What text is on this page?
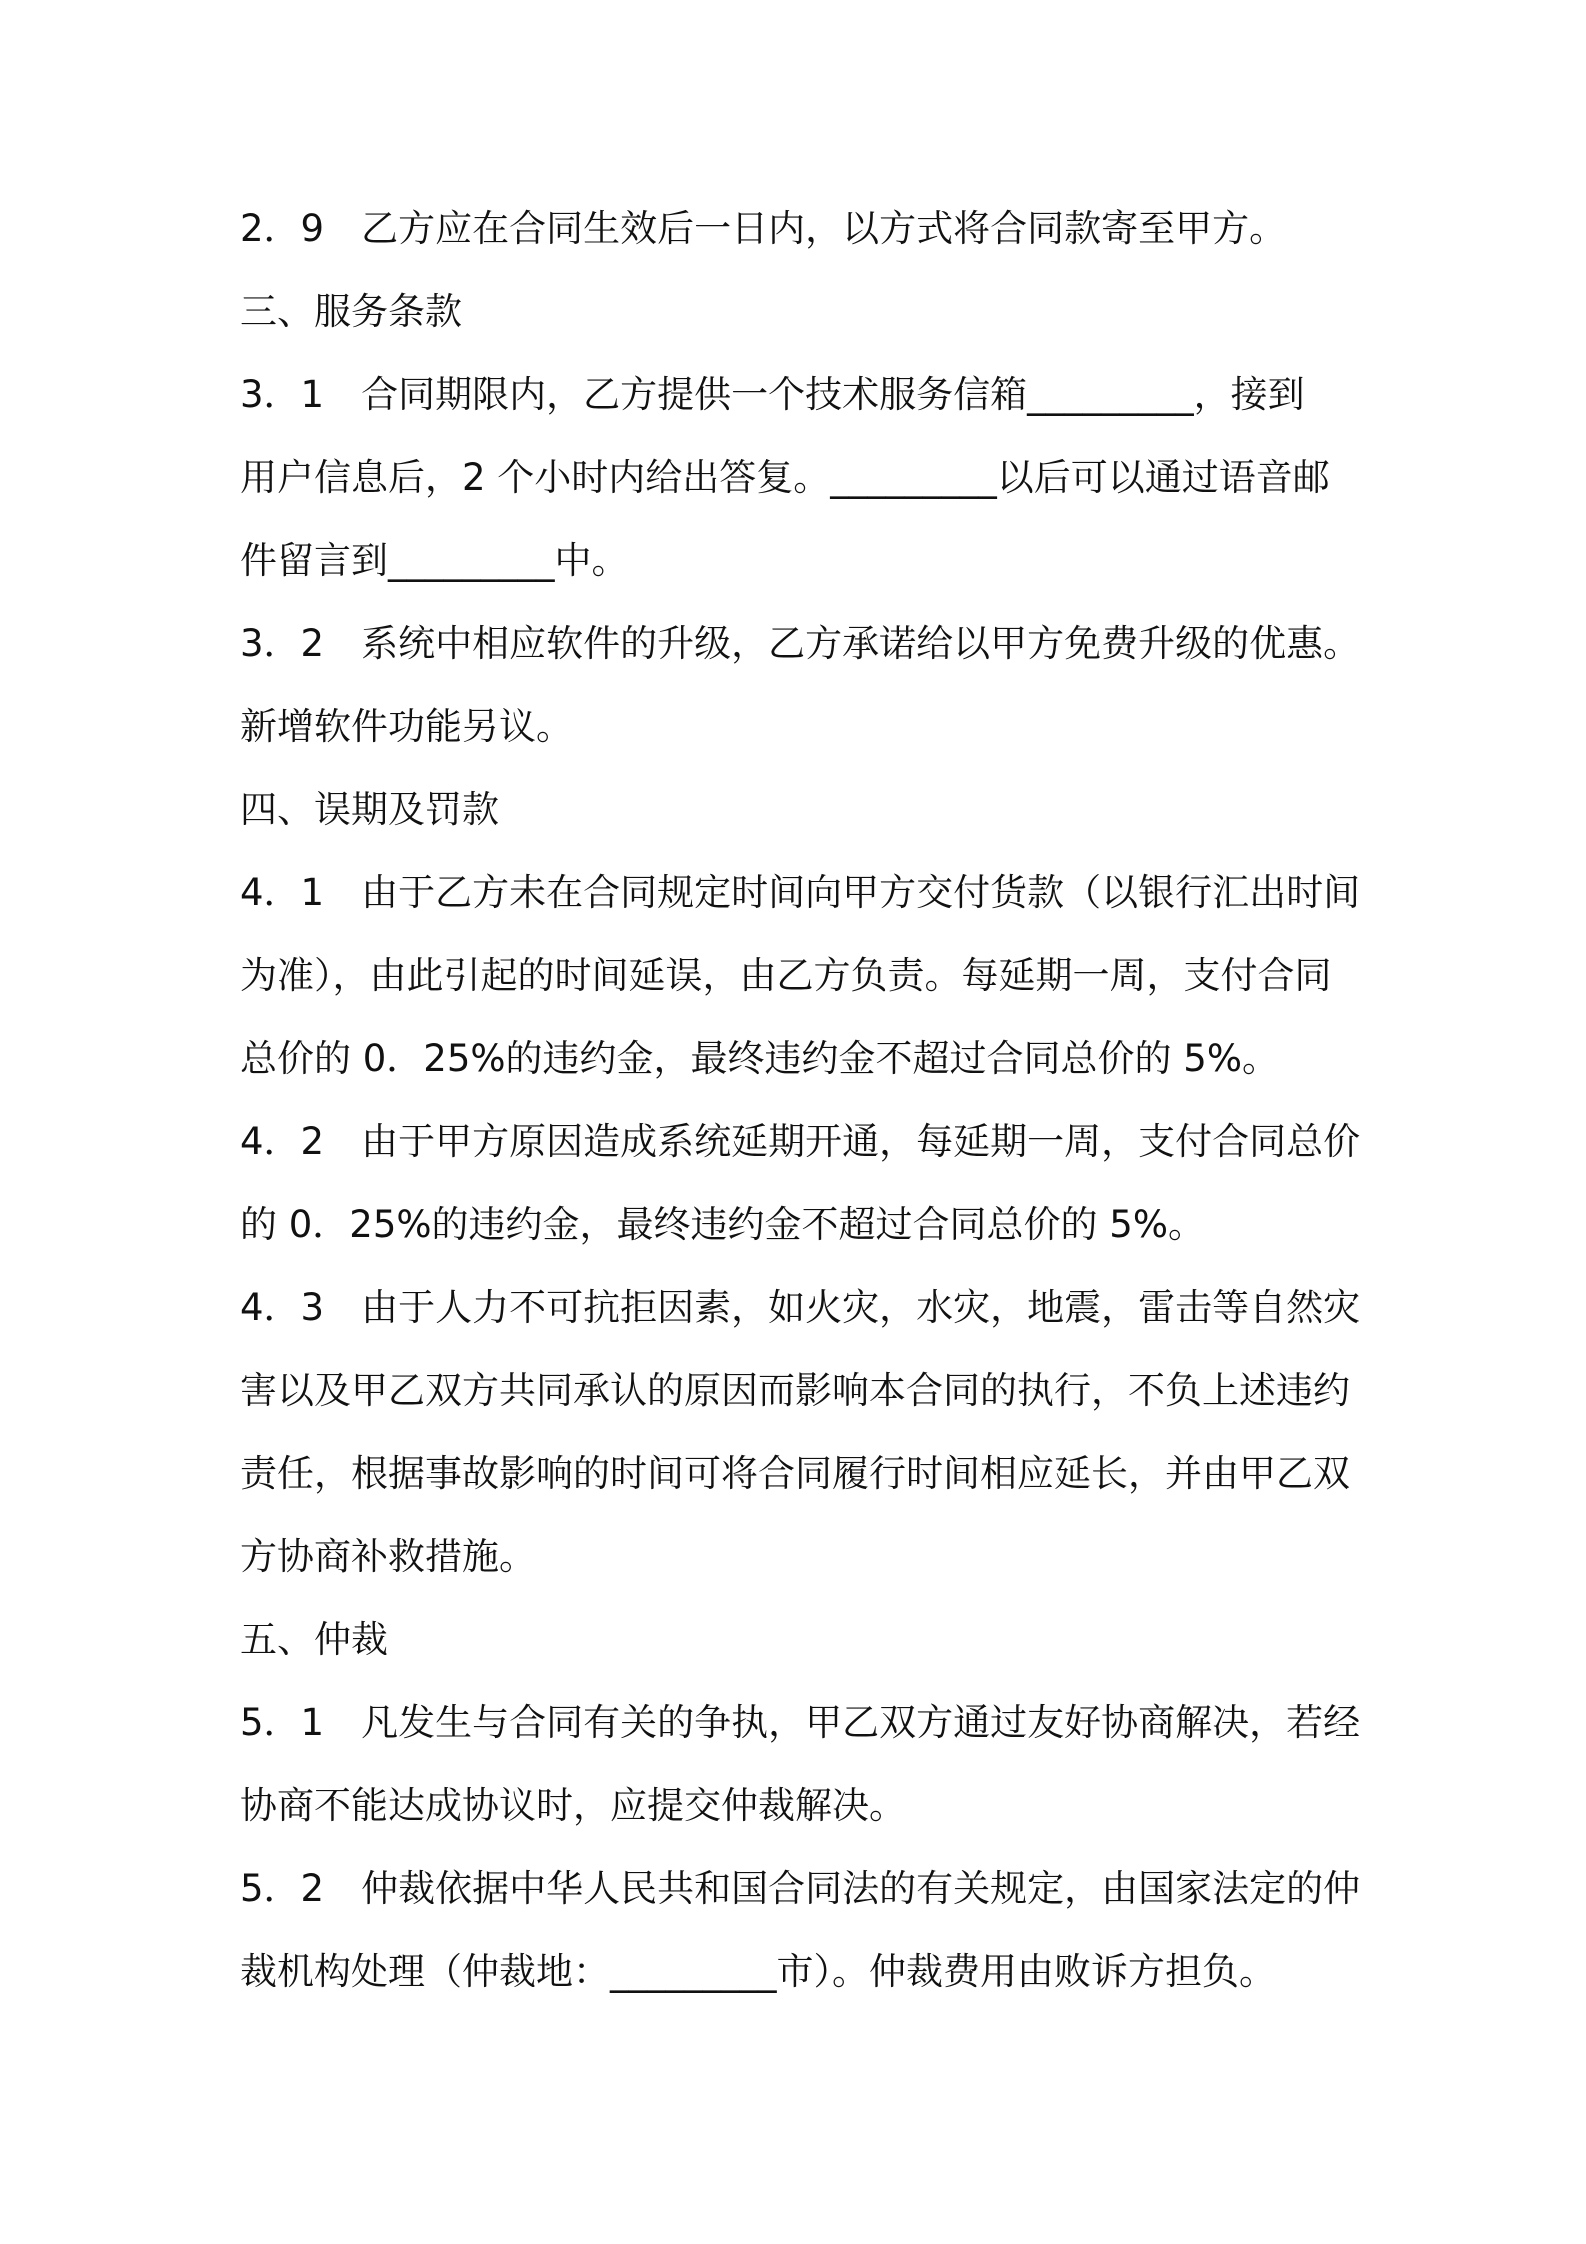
2．9　乙方应在合同生效后一日内，以方式将合同款寄至甲方。
三、服务条款
3．1　合同期限内，乙方提供一个技术服务信箱_________，接到
用户信息后，2 个小时内给出答复。_________以后可以通过语音邮
件留言到_________中。
3．2　系统中相应软件的升级，乙方承诺给以甲方免费升级的优惠。
新增软件功能另议。
四、误期及罚款
4．1　由于乙方未在合同规定时间向甲方交付货款（以银行汇出时间
为准），由此引起的时间延误，由乙方负责。每延期一周，支付合同
总价的 0．25%的违约金，最终违约金不超过合同总价的 5%。
4．2　由于甲方原因造成系统延期开通，每延期一周，支付合同总价
的 0．25%的违约金，最终违约金不超过合同总价的 5%。
4．3　由于人力不可抗拒因素，如火灾，水灾，地震，雷击等自然灾
害以及甲乙双方共同承认的原因而影响本合同的执行，不负上述违约
责任，根据事故影响的时间可将合同履行时间相应延长，并由甲乙双
方协商补救措施。
五、仲裁
5．1　凡发生与合同有关的争执，甲乙双方通过友好协商解决，若经
协商不能达成协议时，应提交仲裁解决。
5．2　仲裁依据中华人民共和国合同法的有关规定，由国家法定的仲
裁机构处理（仲裁地：_________市）。仲裁费用由败诉方担负。
